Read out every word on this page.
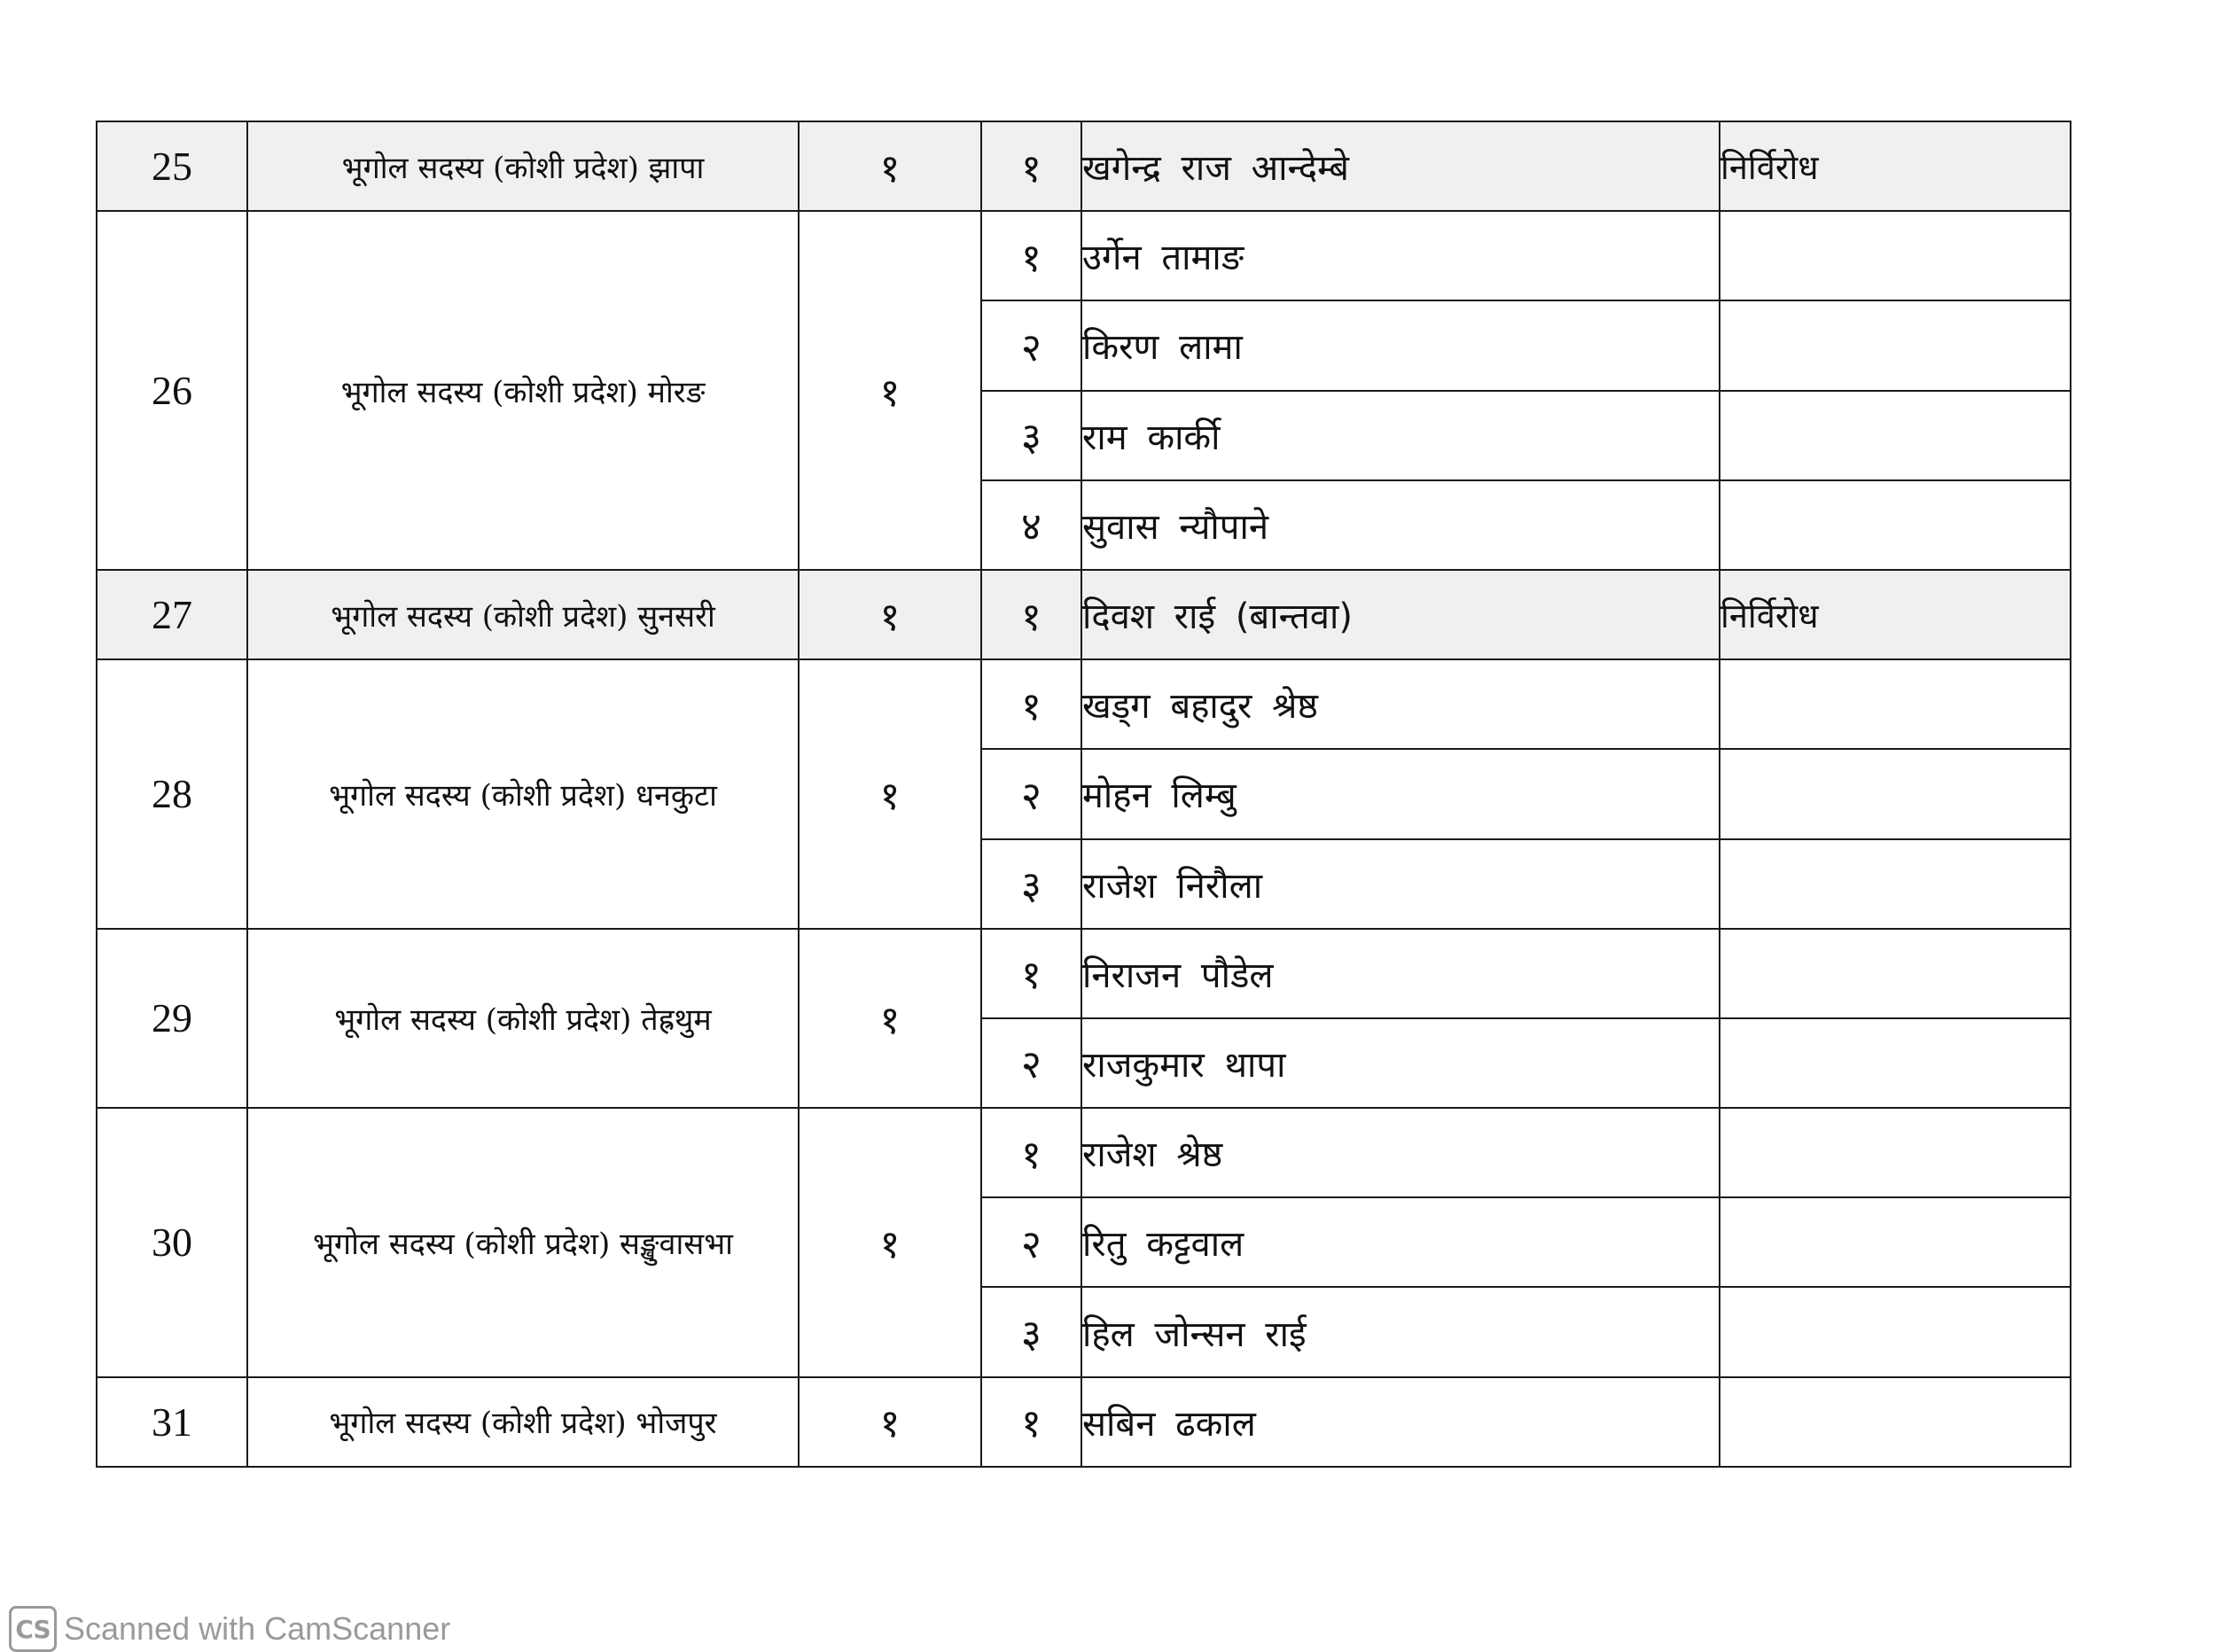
25	भूगोल सदस्य (कोशी प्रदेश) झापा	१	१	खगेन्द्र राज आन्देम्बे	निर्विरोध
26	भूगोल सदस्य (कोशी प्रदेश) मोरङ	१	१	उर्गेन तामाङ	
			२	किरण लामा	
			३	राम कार्की	
			४	सुवास न्यौपाने	
27	भूगोल सदस्य (कोशी प्रदेश) सुनसरी	१	१	दिवश राई (बान्तवा)	निर्विरोध
28	भूगोल सदस्य (कोशी प्रदेश) धनकुटा	१	१	खड्ग बहादुर श्रेष्ठ	
			२	मोहन लिम्बु	
			३	राजेश निरौला	
29	भूगोल सदस्य (कोशी प्रदेश) तेह्रथुम	१	१	निराजन पौडेल	
			२	राजकुमार थापा	
30	भूगोल सदस्य (कोशी प्रदेश) सङ्खुवासभा	१	१	राजेश श्रेष्ठ	
			२	रितु कट्टवाल	
			३	हिल जोन्सन राई	
31	भूगोल सदस्य (कोशी प्रदेश) भोजपुर	१	१	सबिन ढकाल	
CS Scanned with CamScanner
